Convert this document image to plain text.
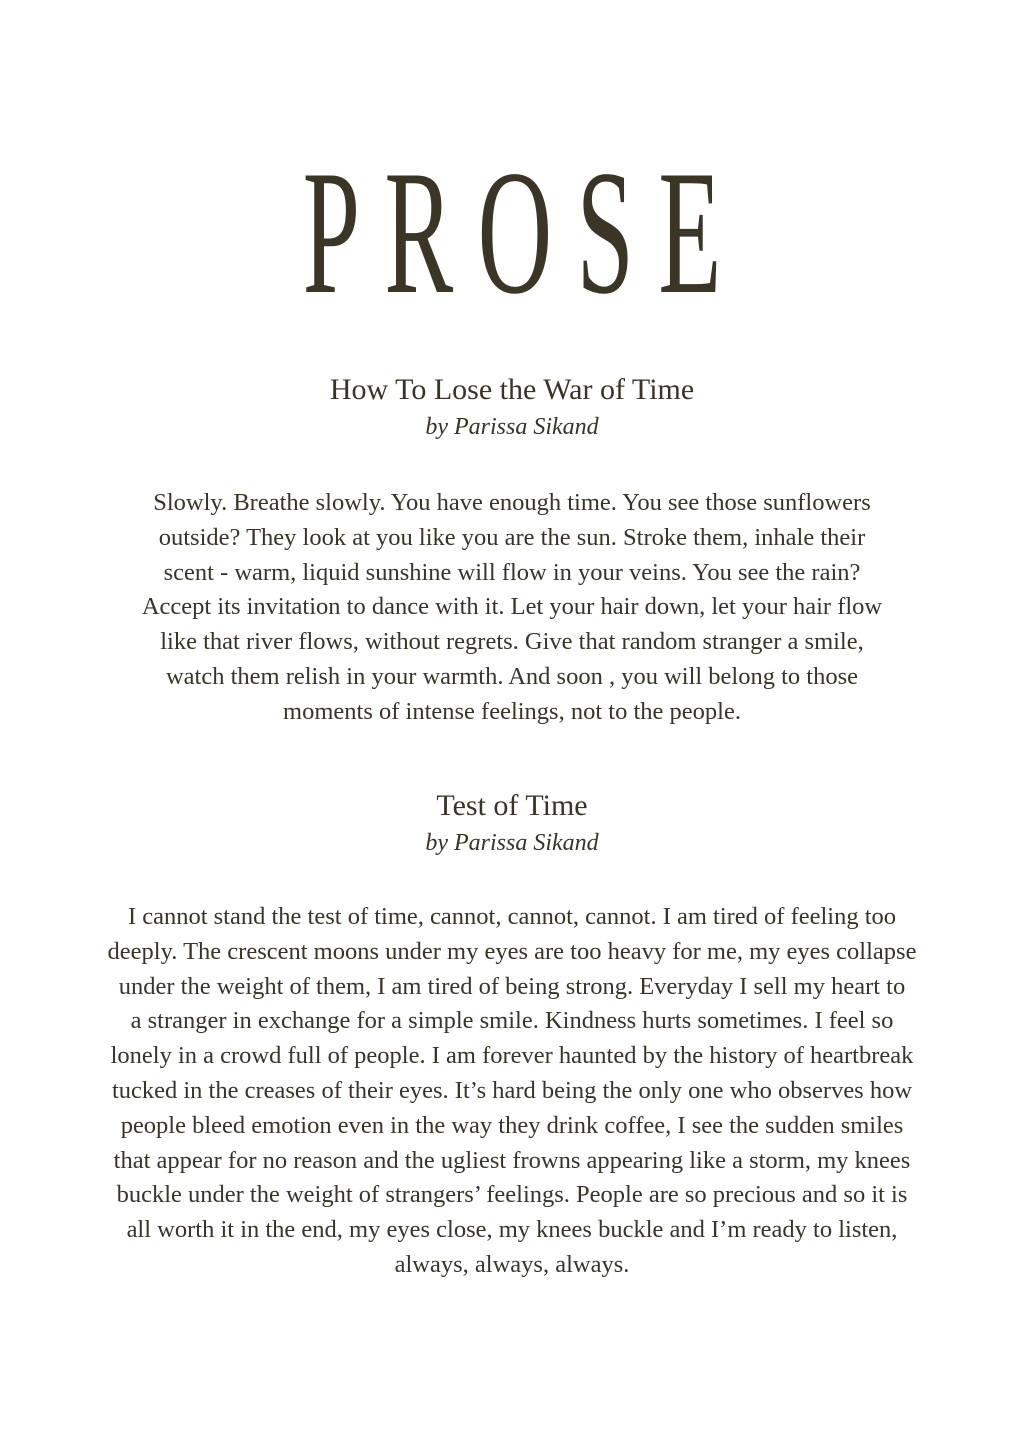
PROSE
How To Lose the War of Time

by Parissa Sikand

Slowly. Breathe slowly. You have enough time. You see those sunflowers
outside? They look at you like you are the sun. Stroke them, inhale their
scent - warm, liquid sunshine will flow in your veins. You see the rain?
Accept its invitation to dance with it. Let your hair down, let your hair flow
like that river flows, without regrets. Give that random stranger a smile,
watch them relish in your warmth. And soon , you will belong to those
moments of intense feelings, not to the people.

Test of Time

by Parissa Sikand

I cannot stand the test of time, cannot, cannot, cannot. I am tired of feeling too
deeply. The crescent moons under my eyes are too heavy for me, my eyes collapse
under the weight of them, I am tired of being strong. Everyday I sell my heart to
a stranger in exchange for a simple smile. Kindness hurts sometimes. I feel so
lonely in a crowd full of people. I am forever haunted by the history of heartbreak
tucked in the creases of their eyes. It’s hard being the only one who observes how
people bleed emotion even in the way they drink coffee, I see the sudden smiles
that appear for no reason and the ugliest frowns appearing like a storm, my knees
buckle under the weight of strangers’ feelings. People are so precious and so it is
all worth it in the end, my eyes close, my knees buckle and I’m ready to listen,
always, always, always.
